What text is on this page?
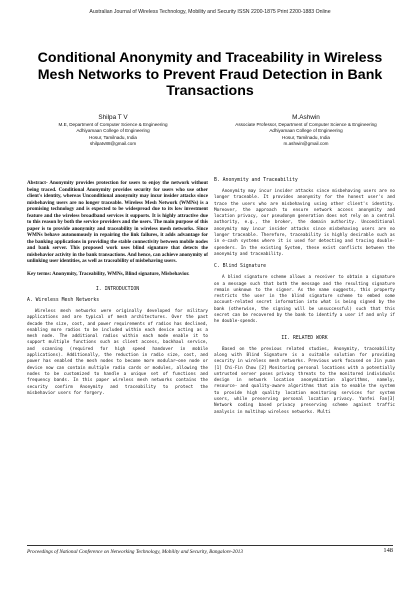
Australian Journal of Wireless Technology, Mobility and Security ISSN 2200-1875 Print 2200-1883 Online
Conditional Anonymity and Traceability in Wireless Mesh Networks to Prevent Fraud Detection in Bank Transactions
Shilpa T V
M.E, Department of Computer Science & Engineering
Adhiyamaan College of Engineering
Hosur, Tamilnadu, India
shilpatv88@gmail.com
M.Ashwin
Associate Professor, Department of Computer Science & Engineering
Adhiyamaan College of Engineering
Hosur, Tamilnadu, India
m.ashwin@gmail.com

Abstract- Anonymity provides protection for users to enjoy the network without being traced. Conditional Anonymity provides security for users who use other client's identity, whereas Unconditional anonymity may incur insider attacks since misbehaving users are no longer traceable. Wireless Mesh Network (WMNs) is a promising technology and is expected to be widespread due to its low investment feature and the wireless broadband services it supports. It is highly attractive due to this reason by both the service providers and the users. The main purpose of this paper is to provide anonymity and traceability in wireless mesh networks. Since WMNs behave autonomously in repairing the link failures, it adds advantage for the banking applications in providing the stable connectivity between mobile nodes and bank server. This proposed work uses blind signature that detects the misbehavior activity in the bank transactions. And hence, can achieve anonymity of unlinking user identities, as well as traceability of misbehaving users.

Key terms: Anonymity, Traceability, WMNs, Blind signature, Misbehavior.

I. INTRODUCTION
A. Wireless Mesh Networks

Wireless mesh networks were originally developed for military applications and are typical of mesh architectures. Over the past decade the size, cost, and power requirements of radios has declined, enabling more radios to be included within each device acting as a mesh node. The additional radios within each mode enable it to support multiple functions such as client access, backhaul service, and scanning (required for high speed handover in mobile applications). Additionally, the reduction in radio size, cost, and power has enabled the mesh nodes to become more modular—one node or device now can contain multiple radio cards or modules, allowing the nodes to be customized to handle a unique set of functions and frequency bands. In this paper wireless mesh networks contains the security confirm Anonymity and traceability to protect the misbehavior users for forgery.

B. Anonymity and Traceability

Anonymity may incur insider attacks since misbehaving users are no longer traceable. It provides anonymity for the honest user's and trace the users who are misbehaving using other client's identity. Moreover, the approach to ensure network access anonymity and location privacy, our pseudonym generation does not rely on a central authority, e.g., the broker, the domain authority. Unconditional anonymity may incur insider attacks since misbehaving users are no longer traceable. Therefore, traceability is highly desirable such as in e-cash systems where it is used for detecting and tracing double-spenders. In the existing System, these exist conflicts between the anonymity and traceability.

C. Blind Signature

A blind signature scheme allows a receiver to obtain a signature on a message such that both the message and the resulting signature remain unknown to the signer. As the name suggests, this property restricts the user in the blind signature scheme to embed some account-related secret information into what is being signed by the bank (otherwise, the signing will be unsuccessful) such that this secret can be recovered by the bank to identify a user if and only if he double-spends.

II. RELATED WORK

Based on the previous related studies, Anonymity, traceability along with Blind Signature is a suitable solution for providing security in wireless mesh networks. Previous work focused on Jin yuan [1] Chi-Fin Chow [2] Monitoring personal locations with a potentially untrusted server poses privacy threats to the monitored individuals design in network location anonymization algorithms, namely, resource- and quality-aware algorithms that aim to enable the system to provide high quality location monitoring services for system users, while preserving personal location privacy. Yanfei Fan[3] Network coding based privacy preserving scheme against traffic analysis in multihop wireless networks. Multi

Proceedings of National Conference on Networking Technology, Mobility and Security, Bangalore-2013	148
